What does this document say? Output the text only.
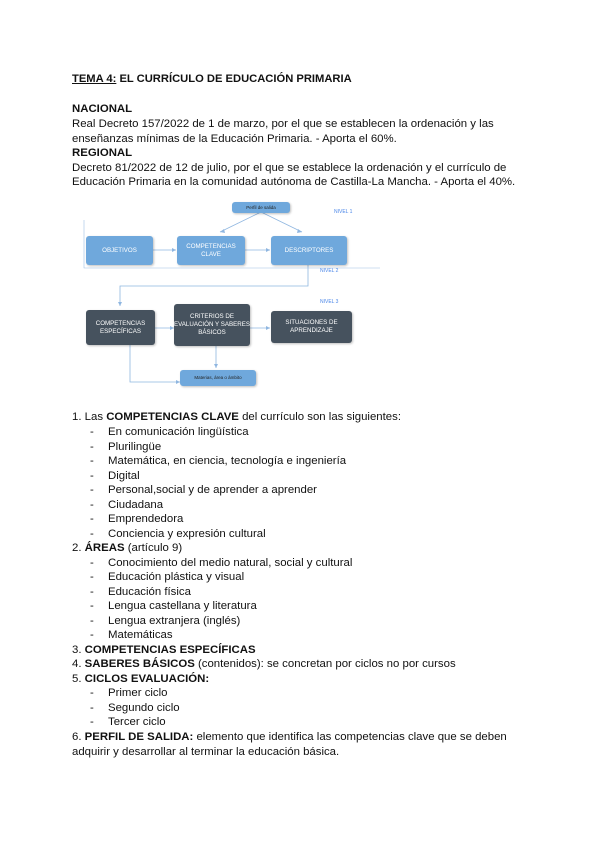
TEMA 4: EL CURRÍCULO DE EDUCACIÓN PRIMARIA
NACIONAL
Real Decreto 157/2022 de 1 de marzo, por el que se establecen la ordenación y las
enseñanzas mínimas de la Educación Primaria. - Aporta el 60%.
REGIONAL
Decreto 81/2022 de 12 de julio, por el que se establece la ordenación y el currículo de
Educación Primaria en la comunidad autónoma de Castilla-La Mancha. - Aporta el 40%.
Perfil de salida
NIVEL 1
OBJETIVOS
COMPETENCIAS CLAVE
DESCRIPTORES
NIVEL 2
NIVEL 3
COMPETENCIAS ESPECÍFICAS
CRITERIOS DE EVALUACIÓN Y SABERES BÁSICOS
SITUACIONES DE APRENDIZAJE
Materias, área o ámbito
1. Las COMPETENCIAS CLAVE del currículo son las siguientes:
- En comunicación lingüística
- Plurilingüe
- Matemática, en ciencia, tecnología e ingeniería
- Digital
- Personal,social y de aprender a aprender
- Ciudadana
- Emprendedora
- Conciencia y expresión cultural
2. ÁREAS (artículo 9)
- Conocimiento del medio natural, social y cultural
- Educación plástica y visual
- Educación física
- Lengua castellana y literatura
- Lengua extranjera (inglés)
- Matemáticas
3. COMPETENCIAS ESPECÍFICAS
4. SABERES BÁSICOS (contenidos): se concretan por ciclos no por cursos
5. CICLOS EVALUACIÓN:
- Primer ciclo
- Segundo ciclo
- Tercer ciclo
6. PERFIL DE SALIDA: elemento que identifica las competencias clave que se deben
adquirir y desarrollar al terminar la educación básica.
